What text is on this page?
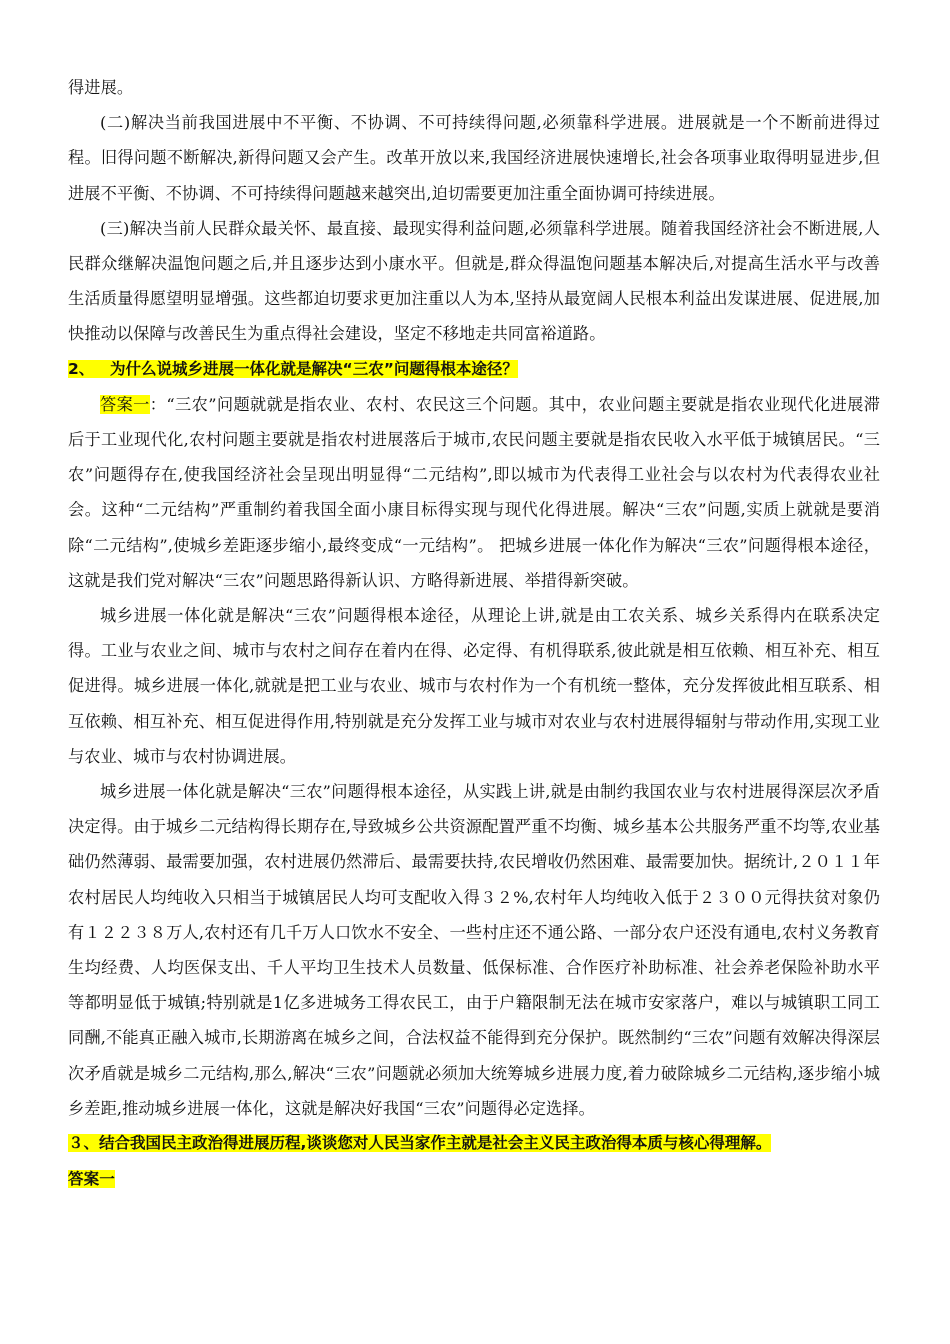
得进展。

(二)解决当前我国进展中不平衡、不协调、不可持续得问题,必须靠科学进展。进展就是一个不断前进得过程。旧得问题不断解决,新得问题又会产生。改革开放以来,我国经济进展快速增长,社会各项事业取得明显进步,但进展不平衡、不协调、不可持续得问题越来越突出,迫切需要更加注重全面协调可持续进展。

(三)解决当前人民群众最关怀、最直接、最现实得利益问题,必须靠科学进展。随着我国经济社会不断进展,人民群众继解决温饱问题之后,并且逐步达到小康水平。但就是,群众得温饱问题基本解决后,对提高生活水平与改善生活质量得愿望明显增强。这些都迫切要求更加注重以人为本,坚持从最宽阔人民根本利益出发谋进展、促进展,加快推动以保障与改善民生为重点得社会建设，坚定不移地走共同富裕道路。

2、 为什么说城乡进展一体化就是解决“三农”问题得根本途径？

答案一：“三农”问题就就是指农业、农村、农民这三个问题。其中，农业问题主要就是指农业现代化进展滞后于工业现代化,农村问题主要就是指农村进展落后于城市,农民问题主要就是指农民收入水平低于城镇居民。“三农”问题得存在,使我国经济社会呈现出明显得“二元结构”,即以城市为代表得工业社会与以农村为代表得农业社会。这种“二元结构”严重制约着我国全面小康目标得实现与现代化得进展。解决“三农”问题,实质上就就是要消除“二元结构”,使城乡差距逐步缩小,最终变成“一元结构”。 把城乡进展一体化作为解决“三农”问题得根本途径，这就是我们党对解决“三农”问题思路得新认识、方略得新进展、举措得新突破。

城乡进展一体化就是解决“三农”问题得根本途径，从理论上讲,就是由工农关系、城乡关系得内在联系决定得。工业与农业之间、城市与农村之间存在着内在得、必定得、有机得联系,彼此就是相互依赖、相互补充、相互促进得。城乡进展一体化,就就是把工业与农业、城市与农村作为一个有机统一整体，充分发挥彼此相互联系、相互依赖、相互补充、相互促进得作用,特别就是充分发挥工业与城市对农业与农村进展得辐射与带动作用,实现工业与农业、城市与农村协调进展。

城乡进展一体化就是解决“三农”问题得根本途径，从实践上讲,就是由制约我国农业与农村进展得深层次矛盾决定得。由于城乡二元结构得长期存在,导致城乡公共资源配置严重不均衡、城乡基本公共服务严重不均等,农业基础仍然薄弱、最需要加强，农村进展仍然滞后、最需要扶持,农民增收仍然困难、最需要加快。据统计,２０１１年农村居民人均纯收入只相当于城镇居民人均可支配收入得３２%,农村年人均纯收入低于２３００元得扶贫对象仍有１２２３８万人,农村还有几千万人口饮水不安全、一些村庄还不通公路、一部分农户还没有通电,农村义务教育生均经费、人均医保支出、千人平均卫生技术人员数量、低保标准、合作医疗补助标准、社会养老保险补助水平等都明显低于城镇;特别就是1亿多进城务工得农民工，由于户籍限制无法在城市安家落户，难以与城镇职工同工同酬,不能真正融入城市,长期游离在城乡之间，合法权益不能得到充分保护。既然制约“三农”问题有效解决得深层次矛盾就是城乡二元结构,那么,解决“三农”问题就必须加大统筹城乡进展力度,着力破除城乡二元结构,逐步缩小城乡差距,推动城乡进展一体化，这就是解决好我国“三农”问题得必定选择。

３、结合我国民主政治得进展历程,谈谈您对人民当家作主就是社会主义民主政治得本质与核心得理解。

答案一
